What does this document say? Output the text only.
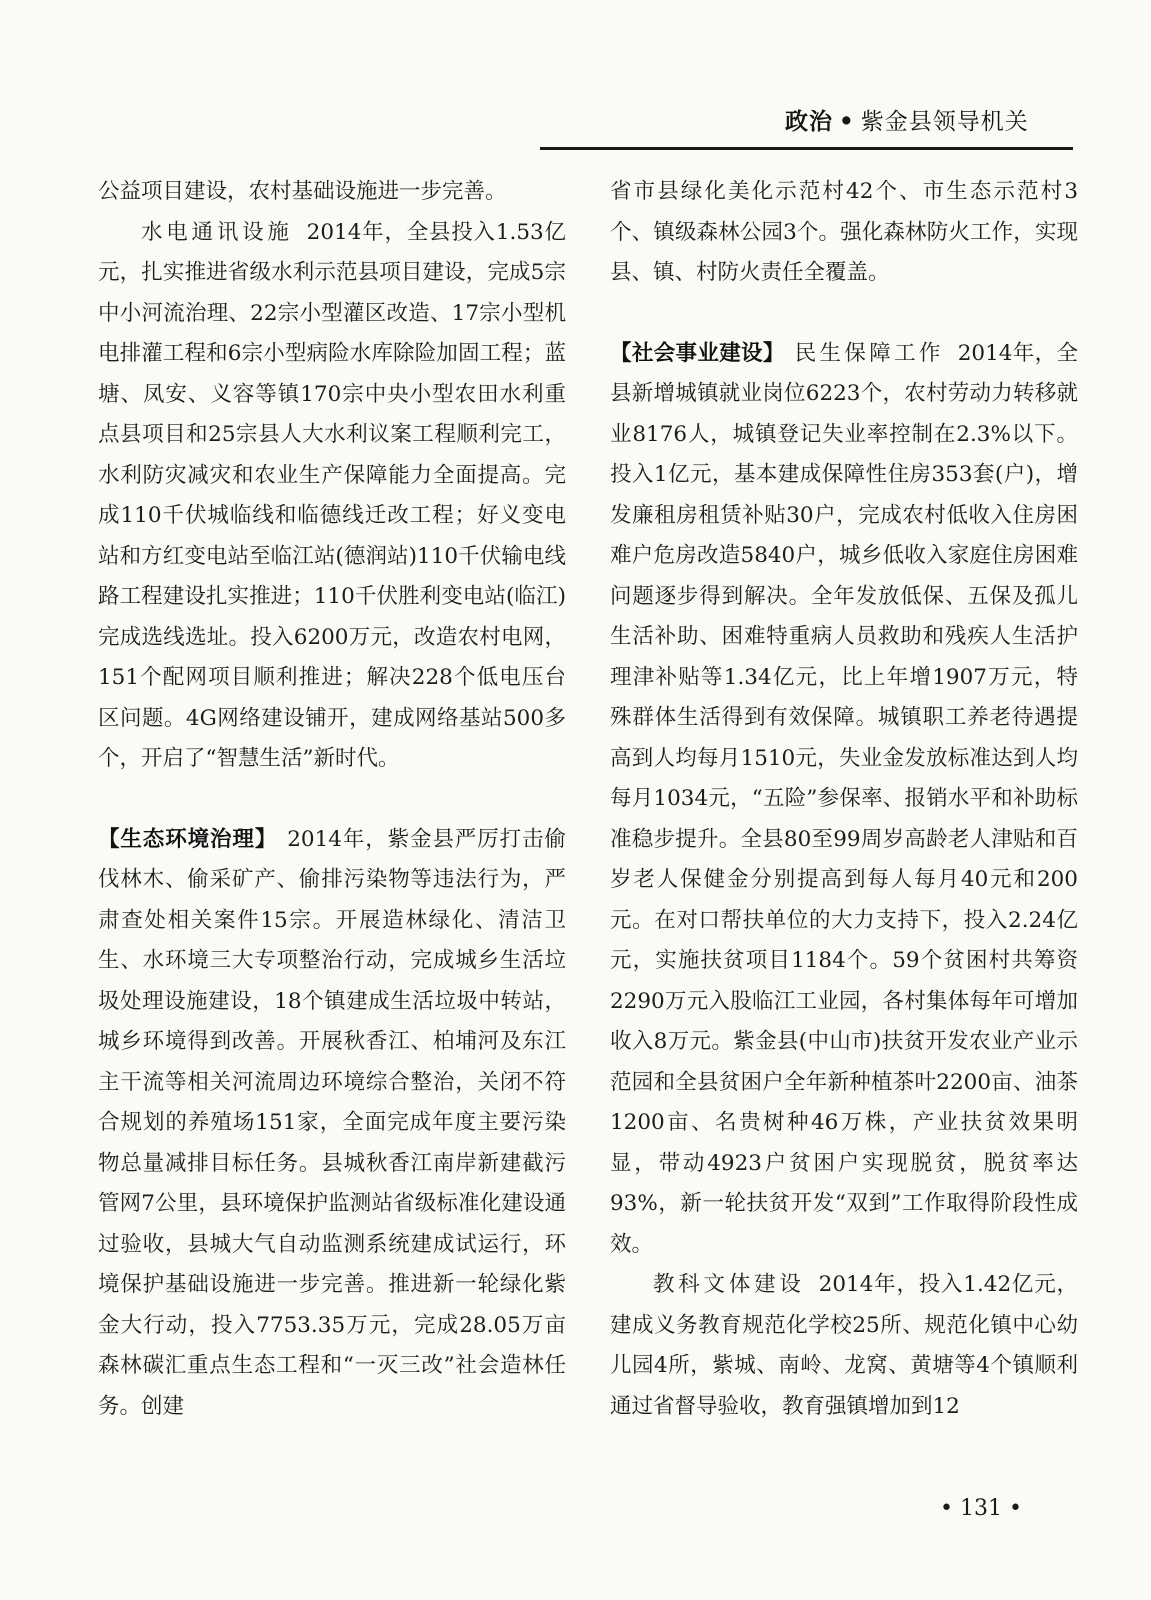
政治 • 紫金县领导机关

公益项目建设，农村基础设施进一步完善。

水电通讯设施 2014年，全县投入1.53亿元，扎实推进省级水利示范县项目建设，完成5宗中小河流治理、22宗小型灌区改造、17宗小型机电排灌工程和6宗小型病险水库除险加固工程；蓝塘、凤安、义容等镇170宗中央小型农田水利重点县项目和25宗县人大水利议案工程顺利完工，水利防灾减灾和农业生产保障能力全面提高。完成110千伏城临线和临德线迁改工程；好义变电站和方红变电站至临江站(德润站)110千伏输电线路工程建设扎实推进；110千伏胜利变电站(临江)完成选线选址。投入6200万元，改造农村电网，151个配网项目顺利推进；解决228个低电压台区问题。4G网络建设铺开，建成网络基站500多个，开启了“智慧生活”新时代。

【生态环境治理】 2014年，紫金县严厉打击偷伐林木、偷采矿产、偷排污染物等违法行为，严肃查处相关案件15宗。开展造林绿化、清洁卫生、水环境三大专项整治行动，完成城乡生活垃圾处理设施建设，18个镇建成生活垃圾中转站，城乡环境得到改善。开展秋香江、柏埔河及东江主干流等相关河流周边环境综合整治，关闭不符合规划的养殖场151家，全面完成年度主要污染物总量减排目标任务。县城秋香江南岸新建截污管网7公里，县环境保护监测站省级标准化建设通过验收，县城大气自动监测系统建成试运行，环境保护基础设施进一步完善。推进新一轮绿化紫金大行动，投入7753.35万元，完成28.05万亩森林碳汇重点生态工程和“一灭三改”社会造林任务。创建

省市县绿化美化示范村42个、市生态示范村3个、镇级森林公园3个。强化森林防火工作，实现县、镇、村防火责任全覆盖。

【社会事业建设】 民生保障工作 2014年，全县新增城镇就业岗位6223个，农村劳动力转移就业8176人，城镇登记失业率控制在2.3%以下。投入1亿元，基本建成保障性住房353套(户)，增发廉租房租赁补贴30户，完成农村低收入住房困难户危房改造5840户，城乡低收入家庭住房困难问题逐步得到解决。全年发放低保、五保及孤儿生活补助、困难特重病人员救助和残疾人生活护理津补贴等1.34亿元，比上年增1907万元，特殊群体生活得到有效保障。城镇职工养老待遇提高到人均每月1510元，失业金发放标准达到人均每月1034元，“五险”参保率、报销水平和补助标准稳步提升。全县80至99周岁高龄老人津贴和百岁老人保健金分别提高到每人每月40元和200元。在对口帮扶单位的大力支持下，投入2.24亿元，实施扶贫项目1184个。59个贫困村共筹资2290万元入股临江工业园，各村集体每年可增加收入8万元。紫金县(中山市)扶贫开发农业产业示范园和全县贫困户全年新种植茶叶2200亩、油茶1200亩、名贵树种46万株，产业扶贫效果明显，带动4923户贫困户实现脱贫，脱贫率达93%，新一轮扶贫开发“双到”工作取得阶段性成效。

教科文体建设 2014年，投入1.42亿元，建成义务教育规范化学校25所、规范化镇中心幼儿园4所，紫城、南岭、龙窝、黄塘等4个镇顺利通过省督导验收，教育强镇增加到12

• 131 •
